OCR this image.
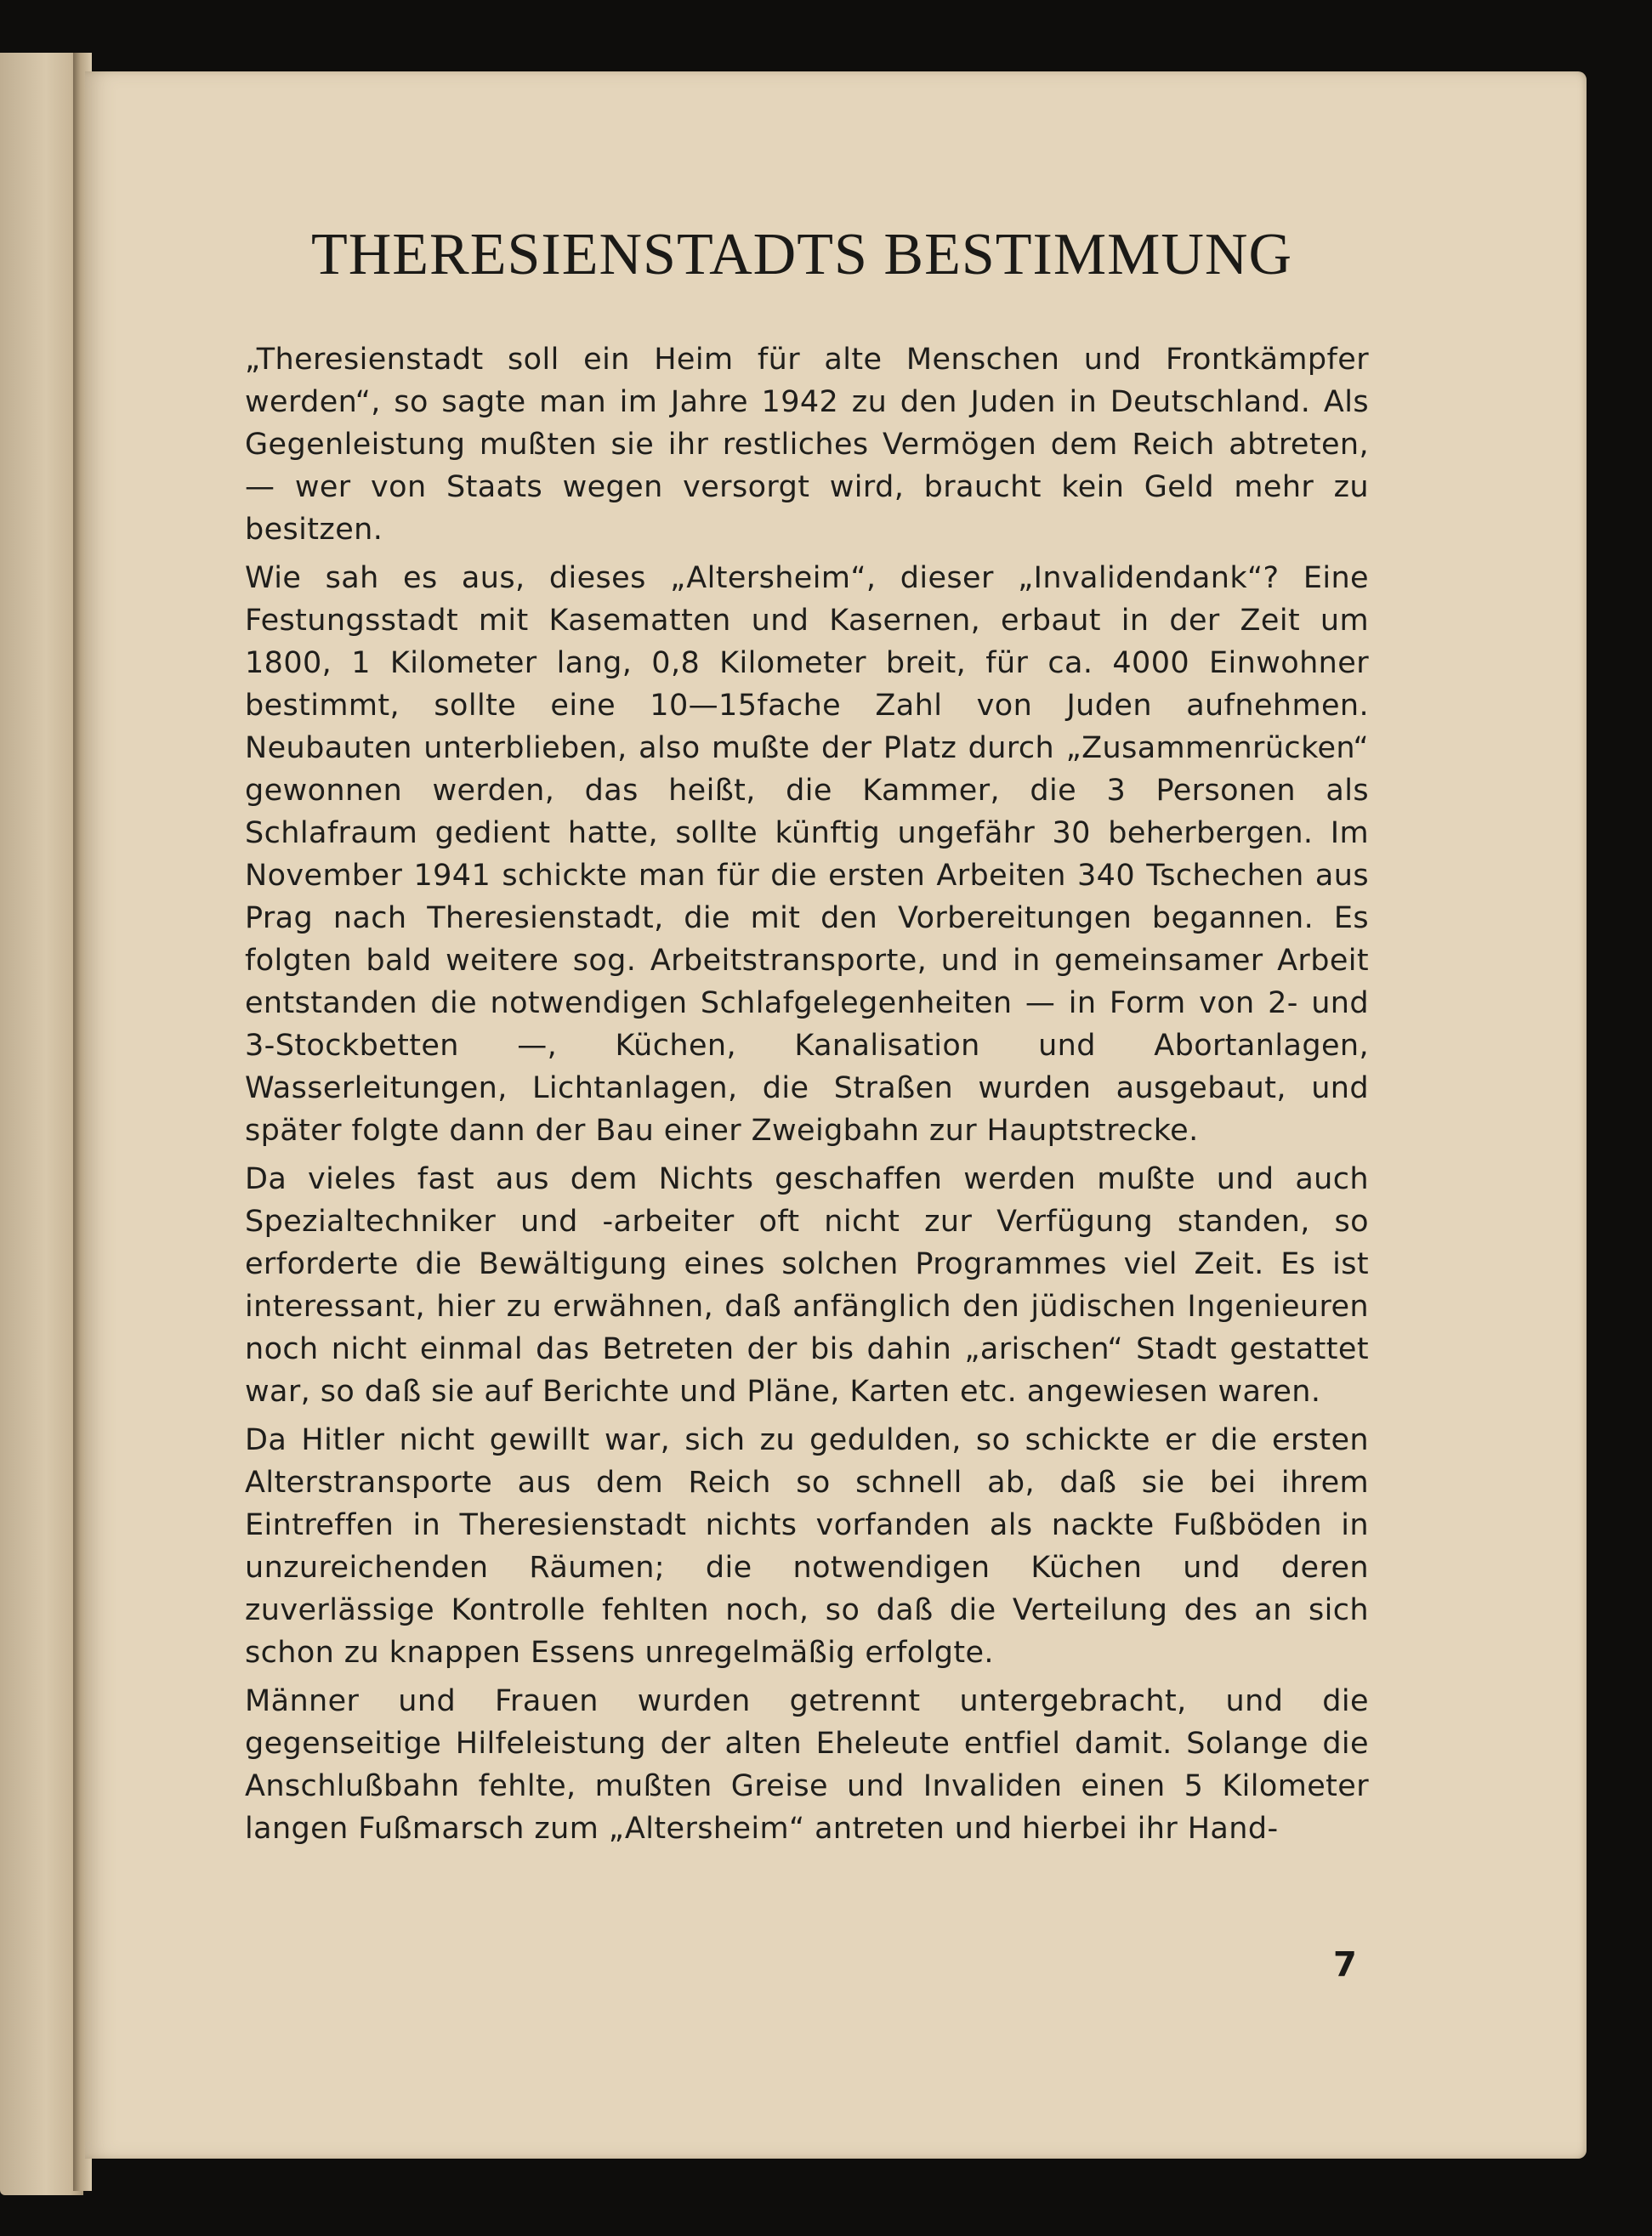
THERESIENSTADTS BESTIMMUNG

„Theresienstadt soll ein Heim für alte Menschen und Frontkämpfer werden“, so sagte man im Jahre 1942 zu den Juden in Deutschland. Als Gegenleistung mußten sie ihr restliches Vermögen dem Reich abtreten, — wer von Staats wegen versorgt wird, braucht kein Geld mehr zu besitzen.

Wie sah es aus, dieses „Altersheim“, dieser „Invalidendank“? Eine Festungsstadt mit Kasematten und Kasernen, erbaut in der Zeit um 1800, 1 Kilometer lang, 0,8 Kilometer breit, für ca. 4000 Einwohner bestimmt, sollte eine 10—15fache Zahl von Juden aufnehmen. Neubauten unterblieben, also mußte der Platz durch „Zusammenrücken“ gewonnen werden, das heißt, die Kammer, die 3 Personen als Schlafraum gedient hatte, sollte künftig ungefähr 30 beherbergen. Im November 1941 schickte man für die ersten Arbeiten 340 Tschechen aus Prag nach Theresienstadt, die mit den Vorbereitungen begannen. Es folgten bald weitere sog. Arbeitstransporte, und in gemeinsamer Arbeit entstanden die notwendigen Schlafgelegenheiten — in Form von 2- und 3-Stockbetten —, Küchen, Kanalisation und Abortanlagen, Wasserleitungen, Lichtanlagen, die Straßen wurden ausgebaut, und später folgte dann der Bau einer Zweigbahn zur Hauptstrecke.

Da vieles fast aus dem Nichts geschaffen werden mußte und auch Spezialtechniker und -arbeiter oft nicht zur Verfügung standen, so erforderte die Bewältigung eines solchen Programmes viel Zeit. Es ist interessant, hier zu erwähnen, daß anfänglich den jüdischen Ingenieuren noch nicht einmal das Betreten der bis dahin „arischen“ Stadt gestattet war, so daß sie auf Berichte und Pläne, Karten etc. angewiesen waren.

Da Hitler nicht gewillt war, sich zu gedulden, so schickte er die ersten Alterstransporte aus dem Reich so schnell ab, daß sie bei ihrem Eintreffen in Theresienstadt nichts vorfanden als nackte Fußböden in unzureichenden Räumen; die notwendigen Küchen und deren zuverlässige Kontrolle fehlten noch, so daß die Verteilung des an sich schon zu knappen Essens unregelmäßig erfolgte.

Männer und Frauen wurden getrennt untergebracht, und die gegenseitige Hilfeleistung der alten Eheleute entfiel damit. Solange die Anschlußbahn fehlte, mußten Greise und Invaliden einen 5 Kilometer langen Fußmarsch zum „Altersheim“ antreten und hierbei ihr Hand-

7
